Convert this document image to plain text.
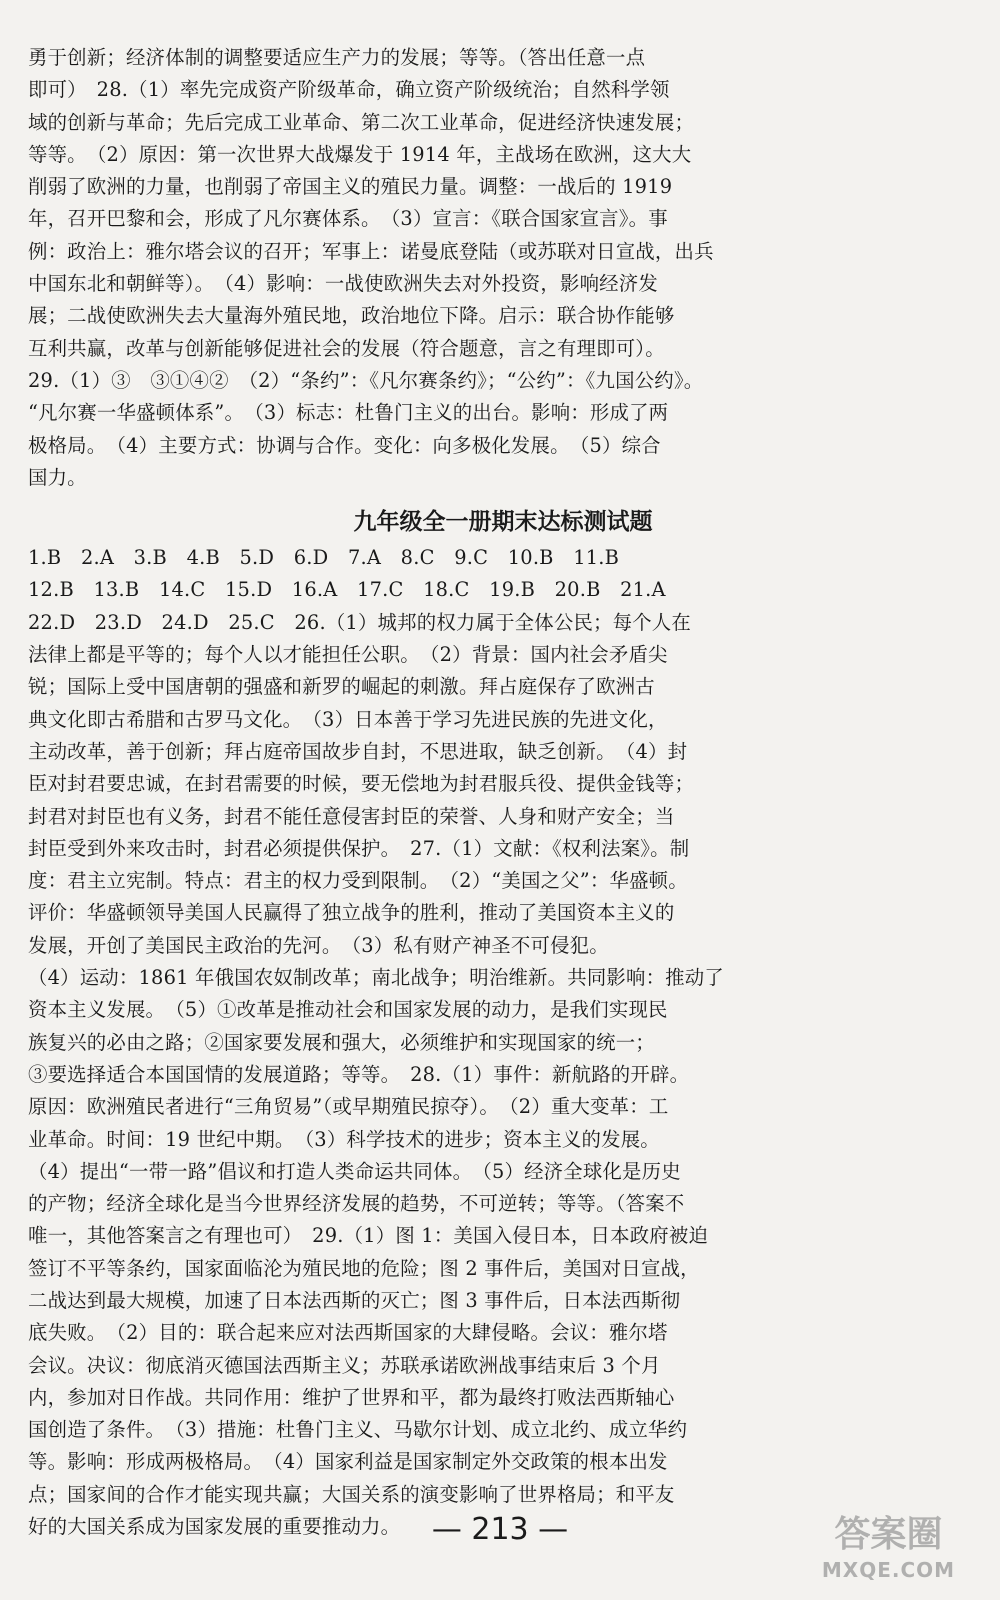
勇于创新；经济体制的调整要适应生产力的发展；等等。（答出任意一点

即可）　28.（1）率先完成资产阶级革命，确立资产阶级统治；自然科学领

域的创新与革命；先后完成工业革命、第二次工业革命，促进经济快速发展；

等等。　（2）原因：第一次世界大战爆发于 1914 年，主战场在欧洲，这大大

削弱了欧洲的力量，也削弱了帝国主义的殖民力量。调整：一战后的 1919

年，召开巴黎和会，形成了凡尔赛体系。　（3）宣言：《联合国家宣言》。事

例：政治上：雅尔塔会议的召开；军事上：诺曼底登陆（或苏联对日宣战，出兵

中国东北和朝鲜等）。　（4）影响：一战使欧洲失去对外投资，影响经济发

展；二战使欧洲失去大量海外殖民地，政治地位下降。启示：联合协作能够

互利共赢，改革与创新能够促进社会的发展（符合题意，言之有理即可）。

29.（1）③　③①④②　（2）“条约”：《凡尔赛条约》；“公约”：《九国公约》。

“凡尔赛一华盛顿体系”。　（3）标志：杜鲁门主义的出台。影响：形成了两

极格局。　（4）主要方式：协调与合作。变化：向多极化发展。　（5）综合

国力。

九年级全一册期末达标测试题

1.B　2.A　3.B　4.B　5.D　6.D　7.A　8.C　9.C　10.B　11.B

12.B　13.B　14.C　15.D　16.A　17.C　18.C　19.B　20.B　21.A

22.D　23.D　24.D　25.C　26.（1）城邦的权力属于全体公民；每个人在

法律上都是平等的；每个人以才能担任公职。　（2）背景：国内社会矛盾尖

锐；国际上受中国唐朝的强盛和新罗的崛起的刺激。拜占庭保存了欧洲古

典文化即古希腊和古罗马文化。　（3）日本善于学习先进民族的先进文化，

主动改革，善于创新；拜占庭帝国故步自封，不思进取，缺乏创新。　（4）封

臣对封君要忠诚，在封君需要的时候，要无偿地为封君服兵役、提供金钱等；

封君对封臣也有义务，封君不能任意侵害封臣的荣誉、人身和财产安全；当

封臣受到外来攻击时，封君必须提供保护。　27.（1）文献：《权利法案》。制

度：君主立宪制。特点：君主的权力受到限制。　（2）“美国之父”：华盛顿。

评价：华盛顿领导美国人民赢得了独立战争的胜利，推动了美国资本主义的

发展，开创了美国民主政治的先河。　（3）私有财产神圣不可侵犯。

（4）运动：1861 年俄国农奴制改革；南北战争；明治维新。共同影响：推动了

资本主义发展。　（5）①改革是推动社会和国家发展的动力，是我们实现民

族复兴的必由之路；②国家要发展和强大，必须维护和实现国家的统一；

③要选择适合本国国情的发展道路；等等。　28.（1）事件：新航路的开辟。

原因：欧洲殖民者进行“三角贸易”（或早期殖民掠夺）。　（2）重大变革：工

业革命。时间：19 世纪中期。　（3）科学技术的进步；资本主义的发展。

（4）提出“一带一路”倡议和打造人类命运共同体。　（5）经济全球化是历史

的产物；经济全球化是当今世界经济发展的趋势，不可逆转；等等。（答案不

唯一，其他答案言之有理也可）　29.（1）图 1：美国入侵日本，日本政府被迫

签订不平等条约，国家面临沦为殖民地的危险；图 2 事件后，美国对日宣战，

二战达到最大规模，加速了日本法西斯的灭亡；图 3 事件后，日本法西斯彻

底失败。　（2）目的：联合起来应对法西斯国家的大肆侵略。会议：雅尔塔

会议。决议：彻底消灭德国法西斯主义；苏联承诺欧洲战事结束后 3 个月

内，参加对日作战。共同作用：维护了世界和平，都为最终打败法西斯轴心

国创造了条件。　（3）措施：杜鲁门主义、马歇尔计划、成立北约、成立华约

等。影响：形成两极格局。　（4）国家利益是国家制定外交政策的根本出发

点；国家间的合作才能实现共赢；大国关系的演变影响了世界格局；和平友

好的大国关系成为国家发展的重要推动力。	— 213 —	答案圈
MXQE.COM
